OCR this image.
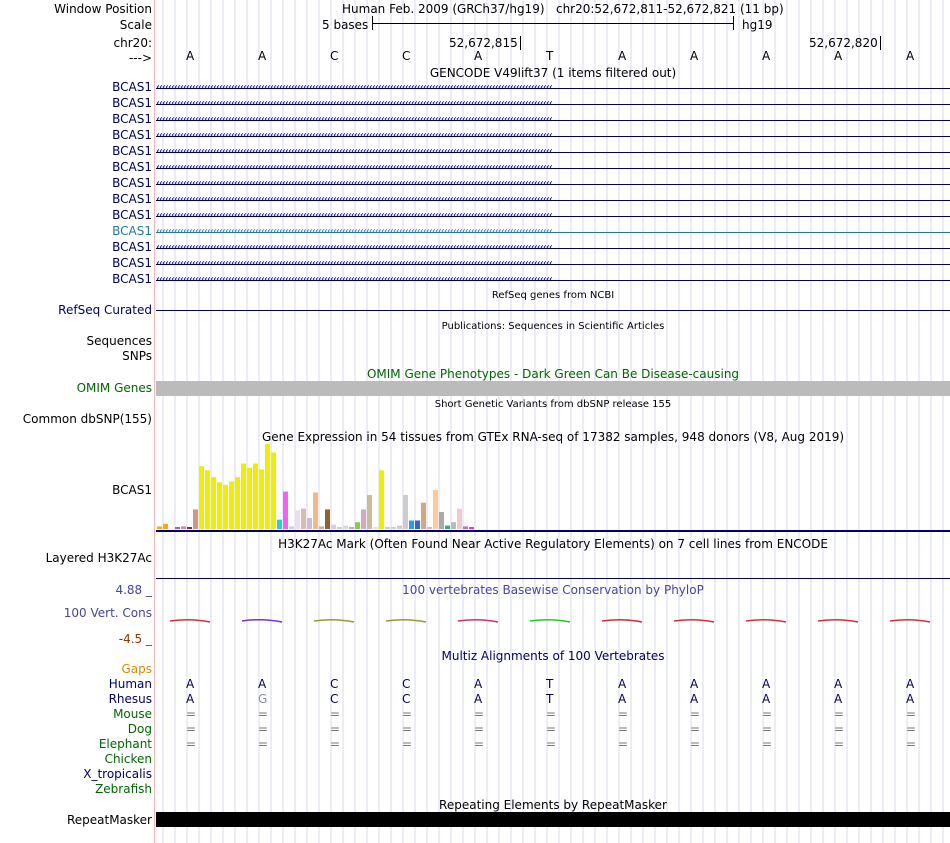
Window Position	Human Feb. 2009 (GRCh37/hg19) chr20:52,672,811-52,672,821 (11 bp)
Scale	5 bases	hg19
chr20:	52,672,815	52,672,820
--->	A	A	C	C	A	T	A	A	A	A	A
GENCODE V49lift37 (1 items filtered out)
BCAS1 ‹‹‹‹‹‹‹‹‹‹‹‹‹‹‹‹‹‹‹‹‹‹‹‹‹‹‹‹‹‹‹‹‹‹‹‹‹‹‹‹‹‹‹‹‹‹‹‹‹‹‹‹‹‹‹‹‹‹‹‹‹‹‹‹‹‹‹‹‹‹‹‹‹‹‹‹‹‹‹‹‹‹‹‹‹‹‹‹‹‹‹‹‹‹‹‹‹‹‹‹‹‹‹‹‹‹‹‹‹‹‹‹‹‹‹‹‹‹‹‹‹‹‹‹‹‹‹‹‹‹‹‹
BCAS1 ‹‹‹‹‹‹‹‹‹‹‹‹‹‹‹‹‹‹‹‹‹‹‹‹‹‹‹‹‹‹‹‹‹‹‹‹‹‹‹‹‹‹‹‹‹‹‹‹‹‹‹‹‹‹‹‹‹‹‹‹‹‹‹‹‹‹‹‹‹‹‹‹‹‹‹‹‹‹‹‹‹‹‹‹‹‹‹‹‹‹‹‹‹‹‹‹‹‹‹‹‹‹‹‹‹‹‹‹‹‹‹‹‹‹‹‹‹‹‹‹‹‹‹‹‹‹‹‹‹‹‹‹
BCAS1 ‹‹‹‹‹‹‹‹‹‹‹‹‹‹‹‹‹‹‹‹‹‹‹‹‹‹‹‹‹‹‹‹‹‹‹‹‹‹‹‹‹‹‹‹‹‹‹‹‹‹‹‹‹‹‹‹‹‹‹‹‹‹‹‹‹‹‹‹‹‹‹‹‹‹‹‹‹‹‹‹‹‹‹‹‹‹‹‹‹‹‹‹‹‹‹‹‹‹‹‹‹‹‹‹‹‹‹‹‹‹‹‹‹‹‹‹‹‹‹‹‹‹‹‹‹‹‹‹‹‹‹‹
BCAS1 ‹‹‹‹‹‹‹‹‹‹‹‹‹‹‹‹‹‹‹‹‹‹‹‹‹‹‹‹‹‹‹‹‹‹‹‹‹‹‹‹‹‹‹‹‹‹‹‹‹‹‹‹‹‹‹‹‹‹‹‹‹‹‹‹‹‹‹‹‹‹‹‹‹‹‹‹‹‹‹‹‹‹‹‹‹‹‹‹‹‹‹‹‹‹‹‹‹‹‹‹‹‹‹‹‹‹‹‹‹‹‹‹‹‹‹‹‹‹‹‹‹‹‹‹‹‹‹‹‹‹‹‹
BCAS1 ‹‹‹‹‹‹‹‹‹‹‹‹‹‹‹‹‹‹‹‹‹‹‹‹‹‹‹‹‹‹‹‹‹‹‹‹‹‹‹‹‹‹‹‹‹‹‹‹‹‹‹‹‹‹‹‹‹‹‹‹‹‹‹‹‹‹‹‹‹‹‹‹‹‹‹‹‹‹‹‹‹‹‹‹‹‹‹‹‹‹‹‹‹‹‹‹‹‹‹‹‹‹‹‹‹‹‹‹‹‹‹‹‹‹‹‹‹‹‹‹‹‹‹‹‹‹‹‹‹‹‹‹
BCAS1 ‹‹‹‹‹‹‹‹‹‹‹‹‹‹‹‹‹‹‹‹‹‹‹‹‹‹‹‹‹‹‹‹‹‹‹‹‹‹‹‹‹‹‹‹‹‹‹‹‹‹‹‹‹‹‹‹‹‹‹‹‹‹‹‹‹‹‹‹‹‹‹‹‹‹‹‹‹‹‹‹‹‹‹‹‹‹‹‹‹‹‹‹‹‹‹‹‹‹‹‹‹‹‹‹‹‹‹‹‹‹‹‹‹‹‹‹‹‹‹‹‹‹‹‹‹‹‹‹‹‹‹‹
BCAS1 ‹‹‹‹‹‹‹‹‹‹‹‹‹‹‹‹‹‹‹‹‹‹‹‹‹‹‹‹‹‹‹‹‹‹‹‹‹‹‹‹‹‹‹‹‹‹‹‹‹‹‹‹‹‹‹‹‹‹‹‹‹‹‹‹‹‹‹‹‹‹‹‹‹‹‹‹‹‹‹‹‹‹‹‹‹‹‹‹‹‹‹‹‹‹‹‹‹‹‹‹‹‹‹‹‹‹‹‹‹‹‹‹‹‹‹‹‹‹‹‹‹‹‹‹‹‹‹‹‹‹‹‹
BCAS1 ‹‹‹‹‹‹‹‹‹‹‹‹‹‹‹‹‹‹‹‹‹‹‹‹‹‹‹‹‹‹‹‹‹‹‹‹‹‹‹‹‹‹‹‹‹‹‹‹‹‹‹‹‹‹‹‹‹‹‹‹‹‹‹‹‹‹‹‹‹‹‹‹‹‹‹‹‹‹‹‹‹‹‹‹‹‹‹‹‹‹‹‹‹‹‹‹‹‹‹‹‹‹‹‹‹‹‹‹‹‹‹‹‹‹‹‹‹‹‹‹‹‹‹‹‹‹‹‹‹‹‹‹
BCAS1 ‹‹‹‹‹‹‹‹‹‹‹‹‹‹‹‹‹‹‹‹‹‹‹‹‹‹‹‹‹‹‹‹‹‹‹‹‹‹‹‹‹‹‹‹‹‹‹‹‹‹‹‹‹‹‹‹‹‹‹‹‹‹‹‹‹‹‹‹‹‹‹‹‹‹‹‹‹‹‹‹‹‹‹‹‹‹‹‹‹‹‹‹‹‹‹‹‹‹‹‹‹‹‹‹‹‹‹‹‹‹‹‹‹‹‹‹‹‹‹‹‹‹‹‹‹‹‹‹‹‹‹‹
BCAS1 ‹‹‹‹‹‹‹‹‹‹‹‹‹‹‹‹‹‹‹‹‹‹‹‹‹‹‹‹‹‹‹‹‹‹‹‹‹‹‹‹‹‹‹‹‹‹‹‹‹‹‹‹‹‹‹‹‹‹‹‹‹‹‹‹‹‹‹‹‹‹‹‹‹‹‹‹‹‹‹‹‹‹‹‹‹‹‹‹‹‹‹‹‹‹‹‹‹‹‹‹‹‹‹‹‹‹‹‹‹‹‹‹‹‹‹‹‹‹‹‹‹‹‹‹‹‹‹‹‹‹‹‹
BCAS1 ‹‹‹‹‹‹‹‹‹‹‹‹‹‹‹‹‹‹‹‹‹‹‹‹‹‹‹‹‹‹‹‹‹‹‹‹‹‹‹‹‹‹‹‹‹‹‹‹‹‹‹‹‹‹‹‹‹‹‹‹‹‹‹‹‹‹‹‹‹‹‹‹‹‹‹‹‹‹‹‹‹‹‹‹‹‹‹‹‹‹‹‹‹‹‹‹‹‹‹‹‹‹‹‹‹‹‹‹‹‹‹‹‹‹‹‹‹‹‹‹‹‹‹‹‹‹‹‹‹‹‹‹
BCAS1 ‹‹‹‹‹‹‹‹‹‹‹‹‹‹‹‹‹‹‹‹‹‹‹‹‹‹‹‹‹‹‹‹‹‹‹‹‹‹‹‹‹‹‹‹‹‹‹‹‹‹‹‹‹‹‹‹‹‹‹‹‹‹‹‹‹‹‹‹‹‹‹‹‹‹‹‹‹‹‹‹‹‹‹‹‹‹‹‹‹‹‹‹‹‹‹‹‹‹‹‹‹‹‹‹‹‹‹‹‹‹‹‹‹‹‹‹‹‹‹‹‹‹‹‹‹‹‹‹‹‹‹‹
BCAS1 ‹‹‹‹‹‹‹‹‹‹‹‹‹‹‹‹‹‹‹‹‹‹‹‹‹‹‹‹‹‹‹‹‹‹‹‹‹‹‹‹‹‹‹‹‹‹‹‹‹‹‹‹‹‹‹‹‹‹‹‹‹‹‹‹‹‹‹‹‹‹‹‹‹‹‹‹‹‹‹‹‹‹‹‹‹‹‹‹‹‹‹‹‹‹‹‹‹‹‹‹‹‹‹‹‹‹‹‹‹‹‹‹‹‹‹‹‹‹‹‹‹‹‹‹‹‹‹‹‹‹‹‹
RefSeq genes from NCBI
RefSeq Curated
Publications: Sequences in Scientific Articles
Sequences
SNPs
OMIM Gene Phenotypes - Dark Green Can Be Disease-causing
OMIM Genes
Short Genetic Variants from dbSNP release 155
Common dbSNP(155)
Gene Expression in 54 tissues from GTEx RNA-seq of 17382 samples, 948 donors (V8, Aug 2019)
BCAS1
H3K27Ac Mark (Often Found Near Active Regulatory Elements) on 7 cell lines from ENCODE
Layered H3K27Ac
100 vertebrates Basewise Conservation by PhyloP
4.88 _
100 Vert. Cons
-4.5 _
Multiz Alignments of 100 Vertebrates
Gaps
Human	A	A	C	C	A	T	A	A	A	A	A
Rhesus	A	G	C	C	A	T	A	A	A	A	A
Mouse	=	=	=	=	=	=	=	=	=	=	=
Dog	=	=	=	=	=	=	=	=	=	=	=
Elephant	=	=	=	=	=	=	=	=	=	=	=
Chicken
X_tropicalis
Zebrafish
Repeating Elements by RepeatMasker
RepeatMasker
